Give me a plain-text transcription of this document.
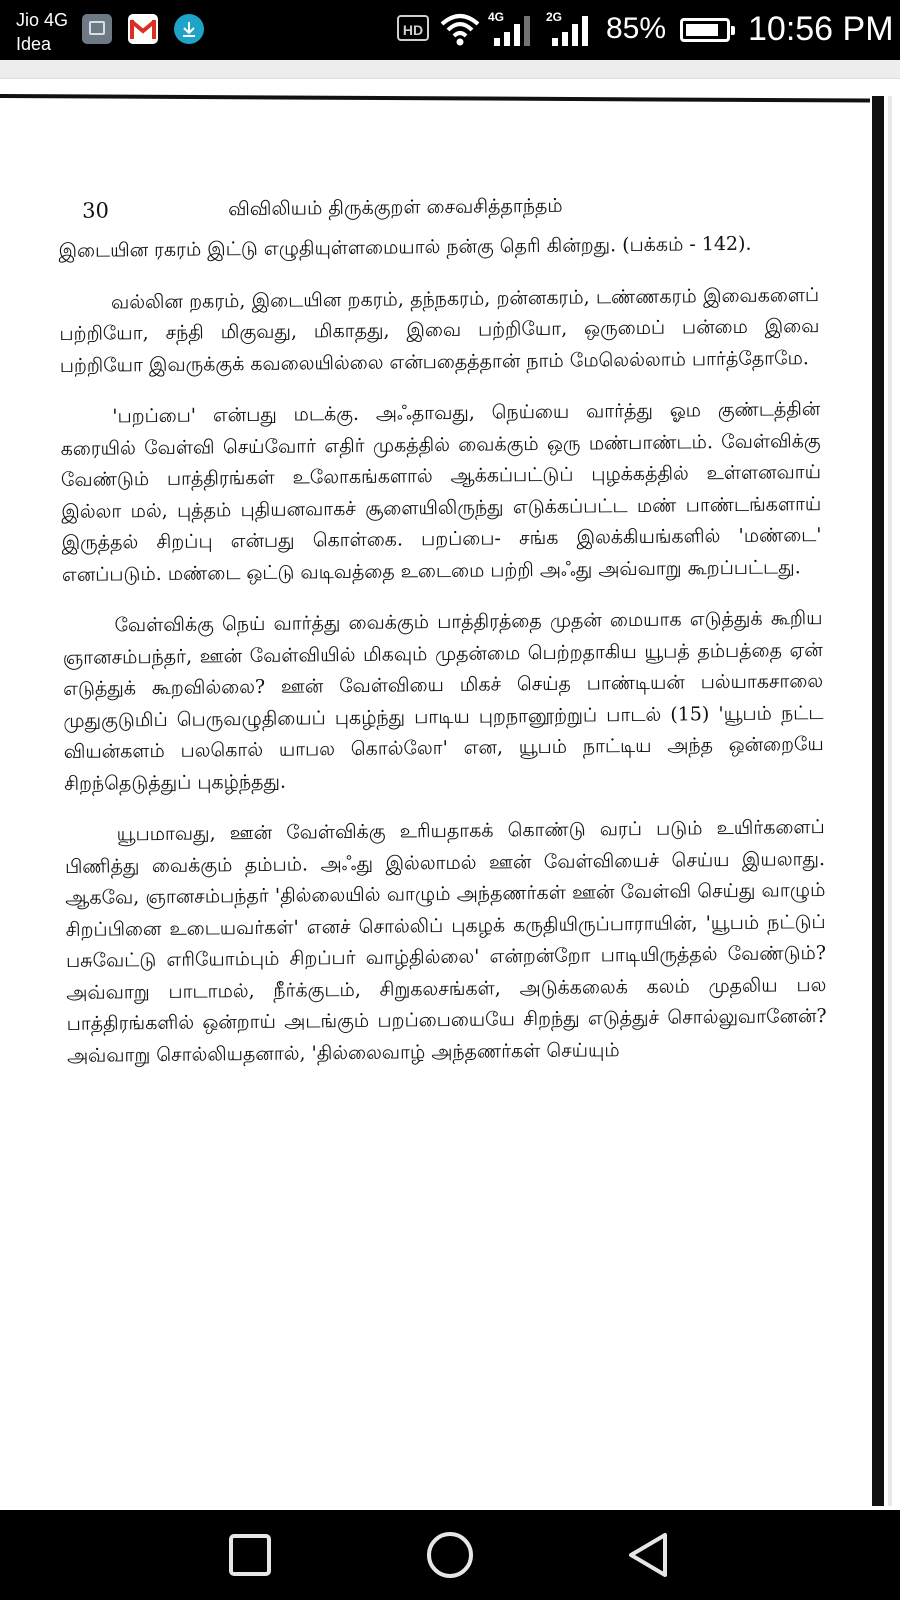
Jio 4G
Idea
HD
4G	2G 85% 10:56 PM
30	விவிலியம் திருக்குறள் சைவசித்தாந்தம்

இடையின ரகரம் இட்டு எழுதியுள்ளமையால் நன்கு தெரி கின்றது. (பக்கம் - 142).

வல்லின றகரம், இடையின றகரம், தந்நகரம், றன்னகரம், டண்ணகரம் இவைகளைப் பற்றியோ, சந்தி மிகுவது, மிகாதது, இவை பற்றியோ, ஒருமைப் பன்மை இவை பற்றியோ இவருக்குக் கவலையில்லை என்பதைத்தான் நாம் மேலெல்லாம் பார்த்தோமே.

'பறப்பை' என்பது மடக்கு. அஃதாவது, நெய்யை வார்த்து ஓம குண்டத்தின் கரையில் வேள்வி செய்வோர் எதிர் முகத்தில் வைக்கும் ஒரு மண்பாண்டம். வேள்விக்கு வேண்டும் பாத்திரங்கள் உலோகங்களால் ஆக்கப்பட்டுப் புழக்கத்தில் உள்ளனவாய் இல்லா மல், புத்தம் புதியனவாகச் சூளையிலிருந்து எடுக்கப்பட்ட மண் பாண்டங்களாய் இருத்தல் சிறப்பு என்பது கொள்கை. பறப்பை- சங்க இலக்கியங்களில் 'மண்டை' எனப்படும். மண்டை ஒட்டு வடிவத்தை உடைமை பற்றி அஃது அவ்வாறு கூறப்பட்டது.

வேள்விக்கு நெய் வார்த்து வைக்கும் பாத்திரத்தை முதன் மையாக எடுத்துக் கூறிய ஞானசம்பந்தர், ஊன் வேள்வியில் மிகவும் முதன்மை பெற்றதாகிய யூபத் தம்பத்தை ஏன் எடுத்துக் கூறவில்லை? ஊன் வேள்வியை மிகச் செய்த பாண்டியன் பல்யாகசாலை முதுகுடுமிப் பெருவழுதியைப் புகழ்ந்து பாடிய புறநானூற்றுப் பாடல் (15) 'யூபம் நட்ட வியன்களம் பலகொல் யாபல கொல்லோ' என, யூபம் நாட்டிய அந்த ஒன்றையே சிறந்தெடுத்துப் புகழ்ந்தது.

யூபமாவது, ஊன் வேள்விக்கு உரியதாகக் கொண்டு வரப் படும் உயிர்களைப் பிணித்து வைக்கும் தம்பம். அஃது இல்லாமல் ஊன் வேள்வியைச் செய்ய இயலாது. ஆகவே, ஞானசம்பந்தர் 'தில்லையில் வாழும் அந்தணர்கள் ஊன் வேள்வி செய்து வாழும் சிறப்பினை உடையவர்கள்' எனச் சொல்லிப் புகழக் கருதியிருப்பாராயின், 'யூபம் நட்டுப் பசுவேட்டு எரியோம்பும் சிறப்பர் வாழ்தில்லை' என்றன்றோ பாடியிருத்தல் வேண்டும்? அவ்வாறு பாடாமல், நீர்க்குடம், சிறுகலசங்கள், அடுக்கலைக் கலம் முதலிய பல பாத்திரங்களில் ஒன்றாய் அடங்கும் பறப்பையையே சிறந்து எடுத்துச் சொல்லுவானேன்? அவ்வாறு சொல்லியதனால், 'தில்லைவாழ் அந்தணர்கள் செய்யும்
